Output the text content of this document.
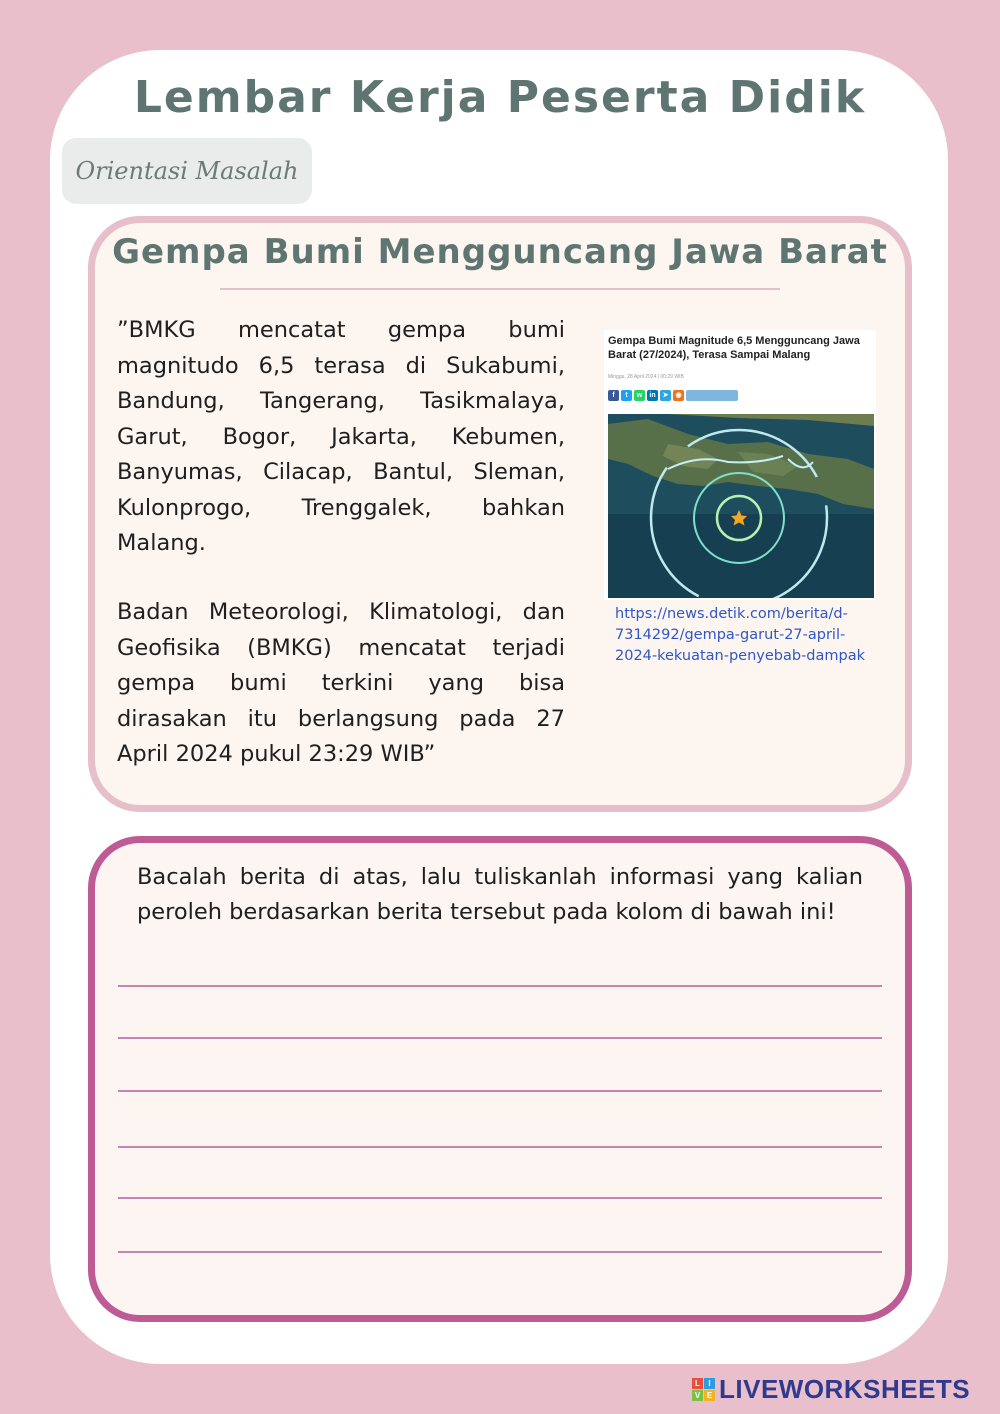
Lembar Kerja Peserta Didik
Orientasi Masalah
Gempa Bumi Mengguncang Jawa Barat
”BMKG mencatat gempa bumi magnitudo 6,5 terasa di Sukabumi, Bandung, Tangerang, Tasikmalaya, Garut, Bogor, Jakarta, Kebumen, Banyumas, Cilacap, Bantul, Sleman, Kulonprogo, Trenggalek, bahkan Malang.
Badan Meteorologi, Klimatologi, dan Geofisika (BMKG) mencatat terjadi gempa bumi terkini yang bisa dirasakan itu berlangsung pada 27 April 2024 pukul 23:29 WIB”
Gempa Bumi Magnitude 6,5 Mengguncang Jawa Barat (27/2024), Terasa Sampai Malang
Minggu, 28 April 2024 | 00:29 WIB
f	t	w	in ➤	◉
https://news.detik.com/berita/d-7314292/gempa-garut-27-april-2024-kekuatan-penyebab-dampak
Bacalah berita di atas, lalu tuliskanlah informasi yang kalian peroleh berdasarkan berita tersebut pada kolom di bawah ini!
L	I
V E LIVEWORKSHEETS
